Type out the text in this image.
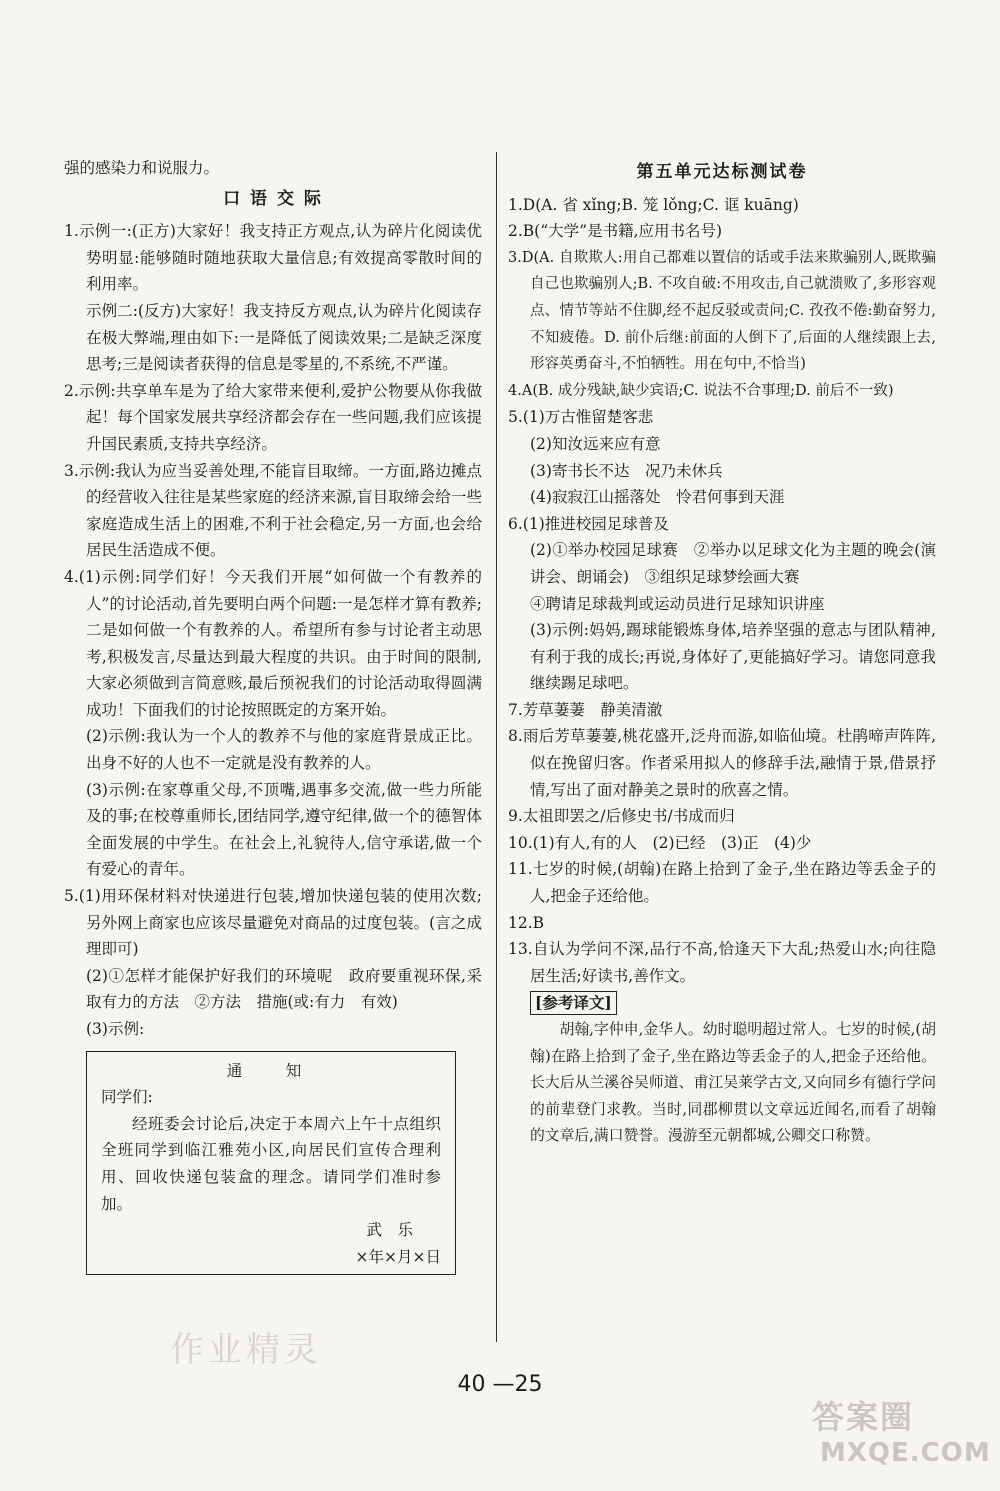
强的感染力和说服力。

口 语 交 际

1.示例一:(正方)大家好！我支持正方观点,认为碎片化阅读优势明显:能够随时随地获取大量信息;有效提高零散时间的利用率。

示例二:(反方)大家好！我支持反方观点,认为碎片化阅读存在极大弊端,理由如下:一是降低了阅读效果;二是缺乏深度思考;三是阅读者获得的信息是零星的,不系统,不严谨。

2.示例:共享单车是为了给大家带来便利,爱护公物要从你我做起！每个国家发展共享经济都会存在一些问题,我们应该提升国民素质,支持共享经济。

3.示例:我认为应当妥善处理,不能盲目取缔。一方面,路边摊点的经营收入往往是某些家庭的经济来源,盲目取缔会给一些家庭造成生活上的困难,不利于社会稳定,另一方面,也会给居民生活造成不便。

4.(1)示例:同学们好！今天我们开展“如何做一个有教养的人”的讨论活动,首先要明白两个问题:一是怎样才算有教养;二是如何做一个有教养的人。希望所有参与讨论者主动思考,积极发言,尽量达到最大程度的共识。由于时间的限制,大家必须做到言简意赅,最后预祝我们的讨论活动取得圆满成功！下面我们的讨论按照既定的方案开始。

(2)示例:我认为一个人的教养不与他的家庭背景成正比。出身不好的人也不一定就是没有教养的人。

(3)示例:在家尊重父母,不顶嘴,遇事多交流,做一些力所能及的事;在校尊重师长,团结同学,遵守纪律,做一个的德智体全面发展的中学生。在社会上,礼貌待人,信守承诺,做一个有爱心的青年。

5.(1)用环保材料对快递进行包装,增加快递包装的使用次数;另外网上商家也应该尽量避免对商品的过度包装。(言之成理即可)

(2)①怎样才能保护好我们的环境呢　政府要重视环保,采取有力的方法　②方法　措施(或:有力　有效)

(3)示例:

通　知
同学们:
经班委会讨论后,决定于本周六上午十点组织全班同学到临江雅苑小区,向居民们宣传合理利用、回收快递包装盒的理念。请同学们准时参加。
武　乐
×年×月×日
第五单元达标测试卷

1.D(A. 省 xǐng;B. 笼 lǒng;C. 诓 kuāng)

2.B(“大学”是书籍,应用书名号)

3.D(A. 自欺欺人:用自己都难以置信的话或手法来欺骗别人,既欺骗自己也欺骗别人;B. 不攻自破:不用攻击,自己就溃败了,多形容观点、情节等站不住脚,经不起反驳或责问;C. 孜孜不倦:勤奋努力,不知疲倦。D. 前仆后继:前面的人倒下了,后面的人继续跟上去,形容英勇奋斗,不怕牺牲。用在句中,不恰当)

4.A(B. 成分残缺,缺少宾语;C. 说法不合事理;D. 前后不一致)

5.(1)万古惟留楚客悲

(2)知汝远来应有意

(3)寄书长不达　况乃未休兵

(4)寂寂江山摇落处　怜君何事到天涯

6.(1)推进校园足球普及

(2)①举办校园足球赛　②举办以足球文化为主题的晚会(演讲会、朗诵会)　③组织足球梦绘画大赛

④聘请足球裁判或运动员进行足球知识讲座

(3)示例:妈妈,踢球能锻炼身体,培养坚强的意志与团队精神,有利于我的成长;再说,身体好了,更能搞好学习。请您同意我继续踢足球吧。

7.芳草萋萋　静美清澈

8.雨后芳草萋萋,桃花盛开,泛舟而游,如临仙境。杜鹃啼声阵阵,似在挽留归客。作者采用拟人的修辞手法,融情于景,借景抒情,写出了面对静美之景时的欣喜之情。

9.太祖即罢之/后修史书/书成而归

10.(1)有人,有的人　(2)已经　(3)正　(4)少

11.七岁的时候,(胡翰)在路上拾到了金子,坐在路边等丢金子的人,把金子还给他。

12.B

13.自认为学问不深,品行不高,恰逢天下大乱;热爱山水;向往隐居生活;好读书,善作文。

[参考译文]

胡翰,字仲申,金华人。幼时聪明超过常人。七岁的时候,(胡翰)在路上拾到了金子,坐在路边等丢金子的人,把金子还给他。长大后从兰溪谷吴师道、甫江吴莱学古文,又向同乡有德行学问的前辈登门求教。当时,同郡柳贯以文章远近闻名,而看了胡翰的文章后,满口赞誉。漫游至元朝都城,公卿交口称赞。

作业精灵
40 —25
答案圈
MXQE.COM
